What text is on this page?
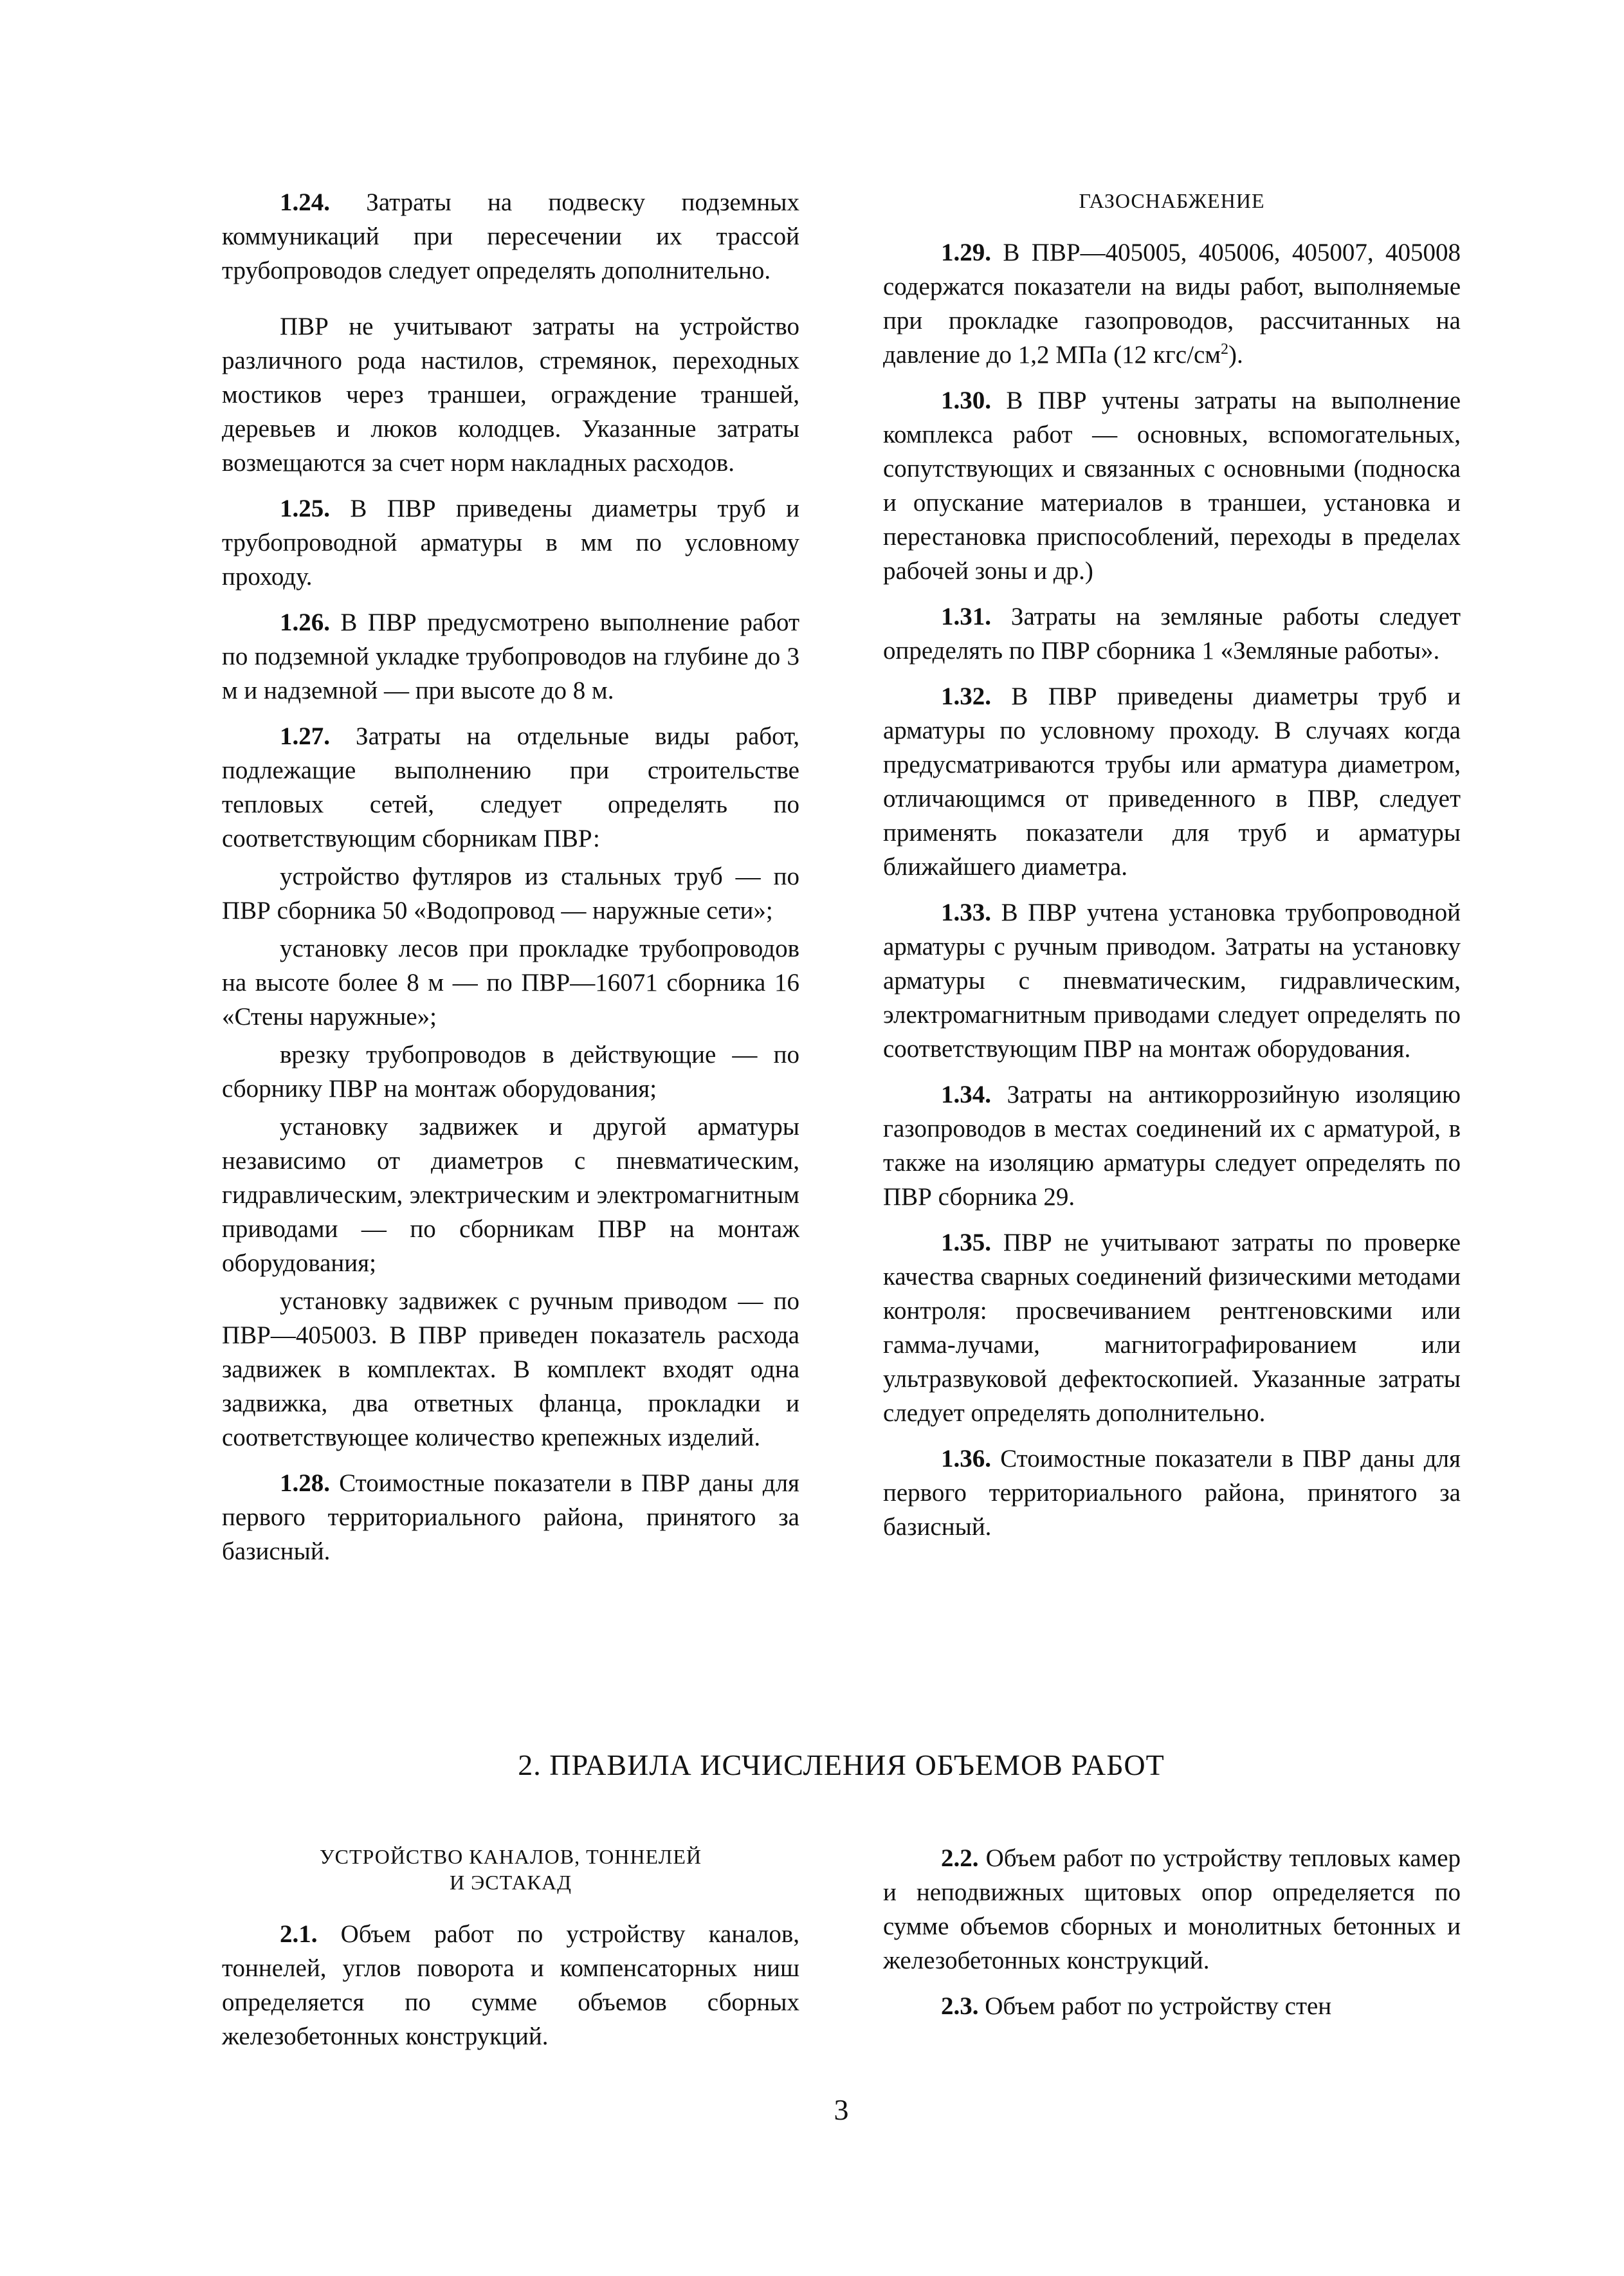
1.24. Затраты на подвеску подземных коммуникаций при пересечении их трассой трубопроводов следует определять дополнительно.

ПВР не учитывают затраты на устройство различного рода настилов, стремянок, переходных мостиков через траншеи, ограждение траншей, деревьев и люков колодцев. Указанные затраты возмещаются за счет норм накладных расходов.

1.25. В ПВР приведены диаметры труб и трубопроводной арматуры в мм по условному проходу.

1.26. В ПВР предусмотрено выполнение работ по подземной укладке трубопроводов на глубине до 3 м и надземной — при высоте до 8 м.

1.27. Затраты на отдельные виды работ, подлежащие выполнению при строительстве тепловых сетей, следует определять по соответствующим сборникам ПВР:

устройство футляров из стальных труб — по ПВР сборника 50 «Водопровод — наружные сети»;

установку лесов при прокладке трубопроводов на высоте более 8 м — по ПВР—16071 сборника 16 «Стены наружные»;

врезку трубопроводов в действующие — по сборнику ПВР на монтаж оборудования;

установку задвижек и другой арматуры независимо от диаметров с пневматическим, гидравлическим, электрическим и электромагнитным приводами — по сборникам ПВР на монтаж оборудования;

установку задвижек с ручным приводом — по ПВР—405003. В ПВР приведен показатель расхода задвижек в комплектах. В комплект входят одна задвижка, два ответных фланца, прокладки и соответствующее количество крепежных изделий.

1.28. Стоимостные показатели в ПВР даны для первого территориального района, принятого за базисный.

ГАЗОСНАБЖЕНИЕ

1.29. В ПВР—405005, 405006, 405007, 405008 содержатся показатели на виды работ, выполняемые при прокладке газопроводов, рассчитанных на давление до 1,2 МПа (12 кгс/$см^2$).

1.30. В ПВР учтены затраты на выполнение комплекса работ — основных, вспомогательных, сопутствующих и связанных с основными (подноска и опускание материалов в траншеи, установка и перестановка приспособлений, переходы в пределах рабочей зоны и др.)

1.31. Затраты на земляные работы следует определять по ПВР сборника 1 «Земляные работы».

1.32. В ПВР приведены диаметры труб и арматуры по условному проходу. В случаях когда предусматриваются трубы или арматура диаметром, отличающимся от приведенного в ПВР, следует применять показатели для труб и арматуры ближайшего диаметра.

1.33. В ПВР учтена установка трубопроводной арматуры с ручным приводом. Затраты на установку арматуры с пневматическим, гидравлическим, электромагнитным приводами следует определять по соответствующим ПВР на монтаж оборудования.

1.34. Затраты на антикоррозийную изоляцию газопроводов в местах соединений их с арматурой, в также на изоляцию арматуры следует определять по ПВР сборника 29.

1.35. ПВР не учитывают затраты по проверке качества сварных соединений физическими методами контроля: просвечиванием рентгеновскими или гамма-лучами, магнитографированием или ультразвуковой дефектоскопией. Указанные затраты следует определять дополнительно.

1.36. Стоимостные показатели в ПВР даны для первого территориального района, принятого за базисный.

2. ПРАВИЛА ИСЧИСЛЕНИЯ ОБЪЕМОВ РАБОТ
УСТРОЙСТВО КАНАЛОВ, ТОННЕЛЕЙ
И ЭСТАКАД

2.1. Объем работ по устройству каналов, тоннелей, углов поворота и компенсаторных ниш определяется по сумме объемов сборных железобетонных конструкций.

2.2. Объем работ по устройству тепловых камер и неподвижных щитовых опор определяется по сумме объемов сборных и монолитных бетонных и железобетонных конструкций.

2.3. Объем работ по устройству стен

3
